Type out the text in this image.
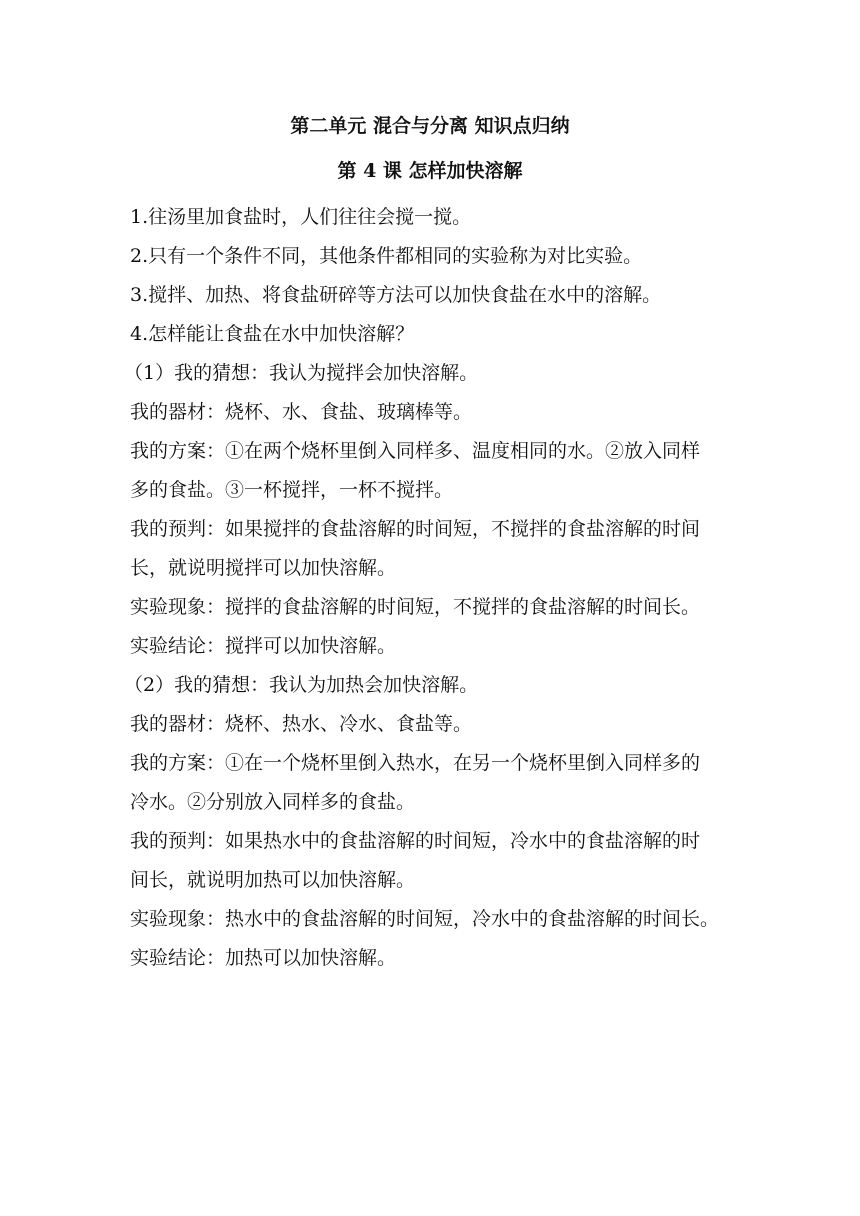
第二单元 混合与分离 知识点归纳
第 4 课 怎样加快溶解

1.往汤里加食盐时，人们往往会搅一搅。

2.只有一个条件不同，其他条件都相同的实验称为对比实验。

3.搅拌、加热、将食盐研碎等方法可以加快食盐在水中的溶解。

4.怎样能让食盐在水中加快溶解？

（1）我的猜想：我认为搅拌会加快溶解。

我的器材：烧杯、水、食盐、玻璃棒等。

我的方案：①在两个烧杯里倒入同样多、温度相同的水。②放入同样

多的食盐。③一杯搅拌，一杯不搅拌。

我的预判：如果搅拌的食盐溶解的时间短，不搅拌的食盐溶解的时间

长，就说明搅拌可以加快溶解。

实验现象：搅拌的食盐溶解的时间短，不搅拌的食盐溶解的时间长。

实验结论：搅拌可以加快溶解。

（2）我的猜想：我认为加热会加快溶解。

我的器材：烧杯、热水、冷水、食盐等。

我的方案：①在一个烧杯里倒入热水，在另一个烧杯里倒入同样多的

冷水。②分别放入同样多的食盐。

我的预判：如果热水中的食盐溶解的时间短，冷水中的食盐溶解的时

间长，就说明加热可以加快溶解。

实验现象：热水中的食盐溶解的时间短，冷水中的食盐溶解的时间长。

实验结论：加热可以加快溶解。
